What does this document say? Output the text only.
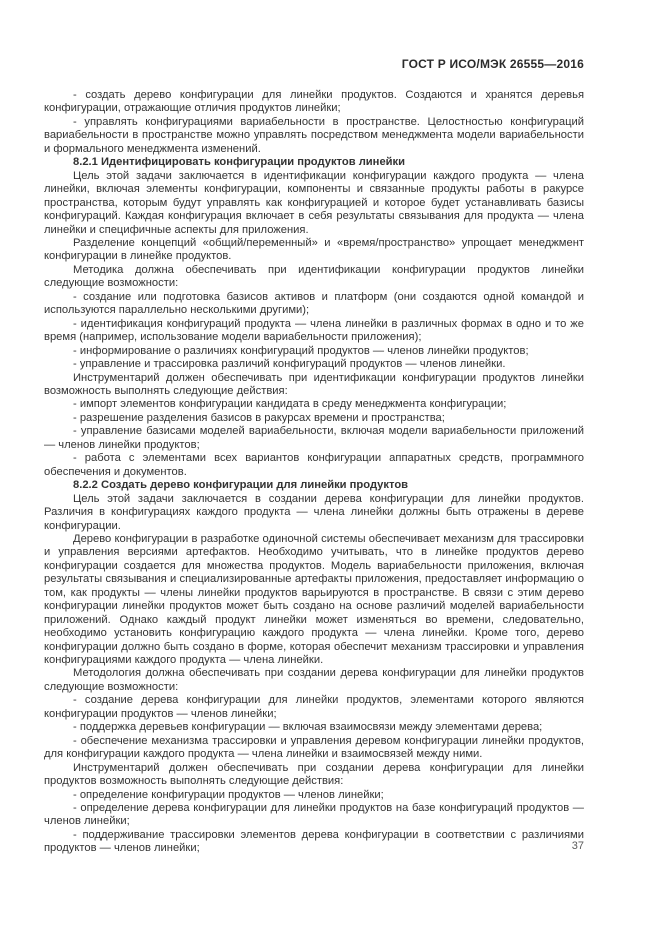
ГОСТ Р ИСО/МЭК 26555—2016

- создать дерево конфигурации для линейки продуктов. Создаются и хранятся деревья конфигурации, отражающие отличия продуктов линейки;

- управлять конфигурациями вариабельности в пространстве. Целостностью конфигураций вариабельности в пространстве можно управлять посредством менеджмента модели вариабельности и формального менеджмента изменений.

8.2.1 Идентифицировать конфигурации продуктов линейки

Цель этой задачи заключается в идентификации конфигурации каждого продукта — члена линейки, включая элементы конфигурации, компоненты и связанные продукты работы в ракурсе пространства, которым будут управлять как конфигурацией и которое будет устанавливать базисы конфигураций. Каждая конфигурация включает в себя результаты связывания для продукта — члена линейки и специфичные аспекты для приложения.

Разделение концепций «общий/переменный» и «время/пространство» упрощает менеджмент конфигурации в линейке продуктов.

Методика должна обеспечивать при идентификации конфигурации продуктов линейки следующие возможности:

- создание или подготовка базисов активов и платформ (они создаются одной командой и используются параллельно несколькими другими);

- идентификация конфигураций продукта — члена линейки в различных формах в одно и то же время (например, использование модели вариабельности приложения);

- информирование о различиях конфигураций продуктов — членов линейки продуктов;

- управление и трассировка различий конфигураций продуктов — членов линейки.

Инструментарий должен обеспечивать при идентификации конфигурации продуктов линейки возможность выполнять следующие действия:

- импорт элементов конфигурации кандидата в среду менеджмента конфигурации;

- разрешение разделения базисов в ракурсах времени и пространства;

- управление базисами моделей вариабельности, включая модели вариабельности приложений — членов линейки продуктов;

- работа с элементами всех вариантов конфигурации аппаратных средств, программного обеспечения и документов.

8.2.2 Создать дерево конфигурации для линейки продуктов

Цель этой задачи заключается в создании дерева конфигурации для линейки продуктов. Различия в конфигурациях каждого продукта — члена линейки должны быть отражены в дереве конфигурации.

Дерево конфигурации в разработке одиночной системы обеспечивает механизм для трассировки и управления версиями артефактов. Необходимо учитывать, что в линейке продуктов дерево конфигурации создается для множества продуктов. Модель вариабельности приложения, включая результаты связывания и специализированные артефакты приложения, предоставляет информацию о том, как продукты — члены линейки продуктов варьируются в пространстве. В связи с этим дерево конфигурации линейки продуктов может быть создано на основе различий моделей вариабельности приложений. Однако каждый продукт линейки может изменяться во времени, следовательно, необходимо установить конфигурацию каждого продукта — члена линейки. Кроме того, дерево конфигурации должно быть создано в форме, которая обеспечит механизм трассировки и управления конфигурациями каждого продукта — члена линейки.

Методология должна обеспечивать при создании дерева конфигурации для линейки продуктов следующие возможности:

- создание дерева конфигурации для линейки продуктов, элементами которого являются конфигурации продуктов — членов линейки;

- поддержка деревьев конфигурации — включая взаимосвязи между элементами дерева;

- обеспечение механизма трассировки и управления деревом конфигурации линейки продуктов, для конфигурации каждого продукта — члена линейки и взаимосвязей между ними.

Инструментарий должен обеспечивать при создании дерева конфигурации для линейки продуктов возможность выполнять следующие действия:

- определение конфигурации продуктов — членов линейки;

- определение дерева конфигурации для линейки продуктов на базе конфигураций продуктов — членов линейки;

- поддерживание трассировки элементов дерева конфигурации в соответствии с различиями продуктов — членов линейки;	37
